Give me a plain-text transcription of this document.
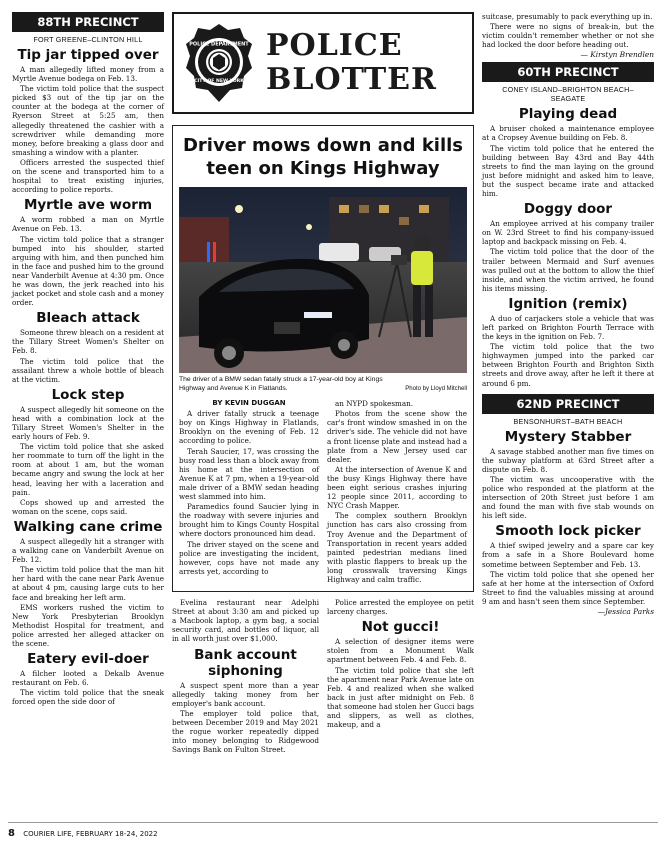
88TH PRECINCT
FORT GREENE–CLINTON HILL
Tip jar tipped over

A man allegedly lifted money from a Myrtle Avenue bodega on Feb. 13.

The victim told police that the suspect picked $3 out of the tip jar on the counter at the bodega at the corner of Ryerson Street at 5:25 am, then allegedly threatened the cashier with a screwdriver while demanding more money, before breaking a glass door and smashing a window with a planter.

Officers arrested the suspected thief on the scene and transported him to a hospital to treat existing injuries, according to police reports.

Myrtle ave worm

A worm robbed a man on Myrtle Avenue on Feb. 13.

The victim told police that a stranger bumped into his shoulder, started arguing with him, and then punched him in the face and pushed him to the ground near Vanderbilt Avenue at 4:30 pm. Once he was down, the jerk reached into his jacket pocket and stole cash and a money order.

Bleach attack

Someone threw bleach on a resident at the Tillary Street Women's Shelter on Feb. 8.

The victim told police that the assailant threw a whole bottle of bleach at the victim.

Lock step

A suspect allegedly hit someone on the head with a combination lock at the Tillary Street Women's Shelter in the early hours of Feb. 9.

The victim told police that she asked her roommate to turn off the light in the room at about 1 am, but the woman became angry and swung the lock at her head, leaving her with a laceration and pain.

Cops showed up and arrested the woman on the scene, cops said.

Walking cane crime

A suspect allegedly hit a stranger with a walking cane on Vanderbilt Avenue on Feb. 12.

The victim told police that the man hit her hard with the cane near Park Avenue at about 4 pm, causing large cuts to her face and breaking her left arm.

EMS workers rushed the victim to New York Presbyterian Brooklyn Methodist Hospital for treatment, and police arrested her alleged attacker on the scene.

Eatery evil-doer

A filcher looted a Dekalb Avenue restaurant on Feb. 6.

The victim told police that the sneak forced open the side door of

POLICE DEPARTMENT
CITY OF NEW YORK
POLICE
BLOTTER
Driver mows down and kills
teen on Kings Highway
The driver of a BMW sedan fatally struck a 17-year-old boy at Kings Highway and Avenue K in Flatlands.	Photo by Lloyd Mitchell
BY KEVIN DUGGAN

A driver fatally struck a teenage boy on Kings Highway in Flatlands, Brooklyn on the evening of Feb. 12 according to police.

Terah Saucier, 17, was crossing the busy road less than a block away from his home at the intersection of Avenue K at 7 pm, when a 19-year-old male driver of a BMW sedan heading west slammed into him.

Paramedics found Saucier lying in the roadway with severe injuries and brought him to Kings County Hospital where doctors pronounced him dead.

The driver stayed on the scene and police are investigating the incident, however, cops have not made any arrests yet, according to

an NYPD spokesman.

Photos from the scene show the car's front window smashed in on the driver's side. The vehicle did not have a front license plate and instead had a plate from a New Jersey used car dealer.

At the intersection of Avenue K and the busy Kings Highway there have been eight serious crashes injuring 12 people since 2011, according to NYC Crash Mapper.

The complex southern Brooklyn junction has cars also crossing from Troy Avenue and the Department of Transportation in recent years added painted pedestrian medians lined with plastic flappers to break up the long crosswalk traversing Kings Highway and calm traffic.

Evelina restaurant near Adelphi Street at about 3:30 am and picked up a Macbook laptop, a gym bag, a social security card, and bottles of liquor, all in all worth just over $1,000.

Bank account siphoning

A suspect spent more than a year allegedly taking money from her employer's bank account.

The employer told police that, between December 2019 and May 2021 the rogue worker repeatedly dipped into money belonging to Ridgewood Savings Bank on Fulton Street.

Police arrested the employee on petit larceny charges.

Not gucci!

A selection of designer items were stolen from a Monument Walk apartment between Feb. 4 and Feb. 8.

The victim told police that she left the apartment near Park Avenue late on Feb. 4 and realized when she walked back in just after midnight on Feb. 8 that someone had stolen her Gucci bags and slippers, as well as clothes, makeup, and a

suitcase, presumably to pack everything up in.

There were no signs of break-in, but the victim couldn't remember whether or not she had locked the door before heading out.

— Kirstyn Brendlen
60TH PRECINCT
CONEY ISLAND–BRIGHTON BEACH–
SEAGATE
Playing dead

A bruiser choked a maintenance employee at a Cropsey Avenue building on Feb. 8.

The victim told police that he entered the building between Bay 43rd and Bay 44th streets to find the man laying on the ground just before midnight and asked him to leave, but the suspect became irate and attacked him.

Doggy door

An employee arrived at his company trailer on W. 23rd Street to find his company-issued laptop and backpack missing on Feb. 4.

The victim told police that the door of the trailer between Mermaid and Surf avenues was pulled out at the bottom to allow the thief inside, and when the victim arrived, he found his items missing.

Ignition (remix)

A duo of carjackers stole a vehicle that was left parked on Brighton Fourth Terrace with the keys in the ignition on Feb. 7.

The victim told police that the two highwaymen jumped into the parked car between Brighton Fourth and Brighton Sixth streets and drove away, after he left it there at around 6 pm.

62ND PRECINCT
BENSONHURST–BATH BEACH
Mystery Stabber

A savage stabbed another man five times on the subway platform at 63rd Street after a dispute on Feb. 8.

The victim was uncooperative with the police who responded at the platform at the intersection of 20th Street just before 1 am and found the man with five stab wounds on his left side.

Smooth lock picker

A thief swiped jewelry and a spare car key from a safe in a Shore Boulevard home sometime between September and Feb. 13.

The victim told police that she opened her safe at her home at the intersection of Oxford Street to find the valuables missing at around 9 am and hasn't seen them since September.

—Jessica Parks
8 COURIER LIFE, FEBRUARY 18-24, 2022
